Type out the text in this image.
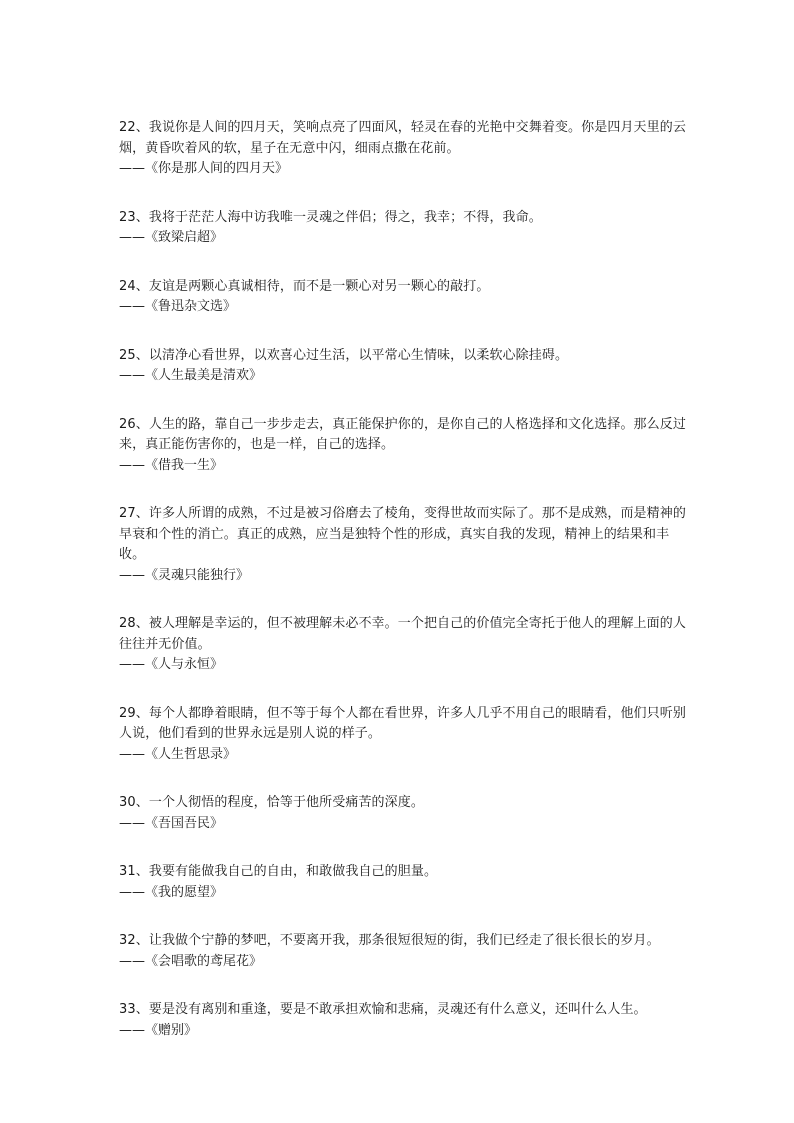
22、我说你是人间的四月天，笑响点亮了四面风，轻灵在春的光艳中交舞着变。你是四月天里的云烟，黄昏吹着风的软，星子在无意中闪，细雨点撒在花前。

——《你是那人间的四月天》

23、我将于茫茫人海中访我唯一灵魂之伴侣；得之，我幸；不得，我命。

——《致梁启超》

24、友谊是两颗心真诚相待，而不是一颗心对另一颗心的敲打。

——《鲁迅杂文选》

25、以清净心看世界，以欢喜心过生活，以平常心生情味，以柔软心除挂碍。

——《人生最美是清欢》

26、人生的路，靠自己一步步走去，真正能保护你的，是你自己的人格选择和文化选择。那么反过来，真正能伤害你的，也是一样，自己的选择。

——《借我一生》

27、许多人所谓的成熟，不过是被习俗磨去了棱角，变得世故而实际了。那不是成熟，而是精神的早衰和个性的消亡。真正的成熟，应当是独特个性的形成，真实自我的发现，精神上的结果和丰收。

——《灵魂只能独行》

28、被人理解是幸运的，但不被理解未必不幸。一个把自己的价值完全寄托于他人的理解上面的人往往并无价值。

——《人与永恒》

29、每个人都睁着眼睛，但不等于每个人都在看世界，许多人几乎不用自己的眼睛看，他们只听别人说，他们看到的世界永远是别人说的样子。

——《人生哲思录》

30、一个人彻悟的程度，恰等于他所受痛苦的深度。

——《吾国吾民》

31、我要有能做我自己的自由，和敢做我自己的胆量。

——《我的愿望》

32、让我做个宁静的梦吧，不要离开我，那条很短很短的街，我们已经走了很长很长的岁月。

——《会唱歌的鸢尾花》

33、要是没有离别和重逢，要是不敢承担欢愉和悲痛，灵魂还有什么意义，还叫什么人生。

——《赠别》
